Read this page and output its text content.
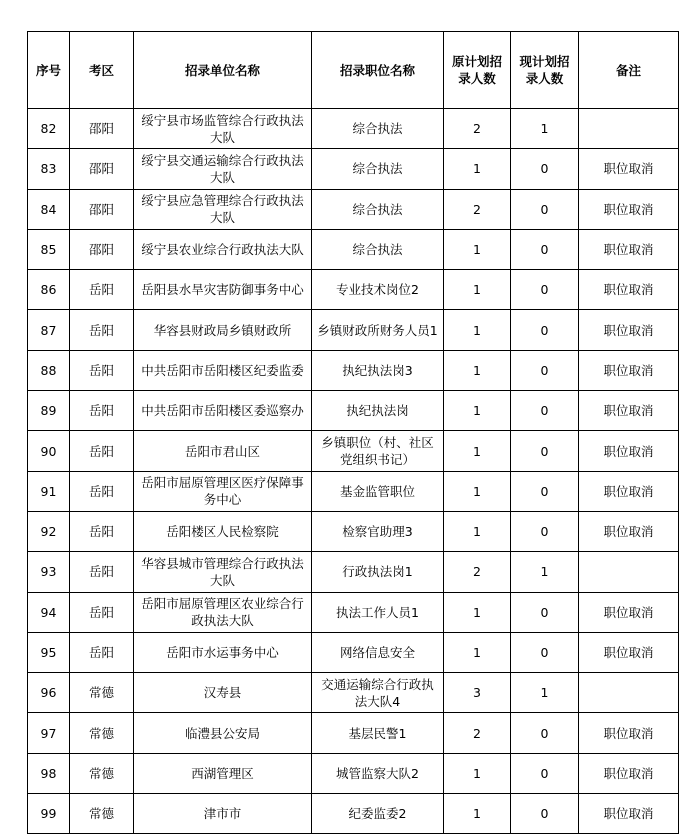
序号	考区	招录单位名称	招录职位名称	原计划招录人数	现计划招录人数	备注
82	邵阳	绥宁县市场监管综合行政执法大队	综合执法	2	1	
83	邵阳	绥宁县交通运输综合行政执法大队	综合执法	1	0	职位取消
84	邵阳	绥宁县应急管理综合行政执法大队	综合执法	2	0	职位取消
85	邵阳	绥宁县农业综合行政执法大队	综合执法	1	0	职位取消
86	岳阳	岳阳县水旱灾害防御事务中心	专业技术岗位2	1	0	职位取消
87	岳阳	华容县财政局乡镇财政所	乡镇财政所财务人员1	1	0	职位取消
88	岳阳	中共岳阳市岳阳楼区纪委监委	执纪执法岗3	1	0	职位取消
89	岳阳	中共岳阳市岳阳楼区委巡察办	执纪执法岗	1	0	职位取消
90	岳阳	岳阳市君山区	乡镇职位（村、社区党组织书记）	1	0	职位取消
91	岳阳	岳阳市屈原管理区医疗保障事务中心	基金监管职位	1	0	职位取消
92	岳阳	岳阳楼区人民检察院	检察官助理3	1	0	职位取消
93	岳阳	华容县城市管理综合行政执法大队	行政执法岗1	2	1	
94	岳阳	岳阳市屈原管理区农业综合行政执法大队	执法工作人员1	1	0	职位取消
95	岳阳	岳阳市水运事务中心	网络信息安全	1	0	职位取消
96	常德	汉寿县	交通运输综合行政执法大队4	3	1	
97	常德	临澧县公安局	基层民警1	2	0	职位取消
98	常德	西湖管理区	城管监察大队2	1	0	职位取消
99	常德	津市市	纪委监委2	1	0	职位取消
